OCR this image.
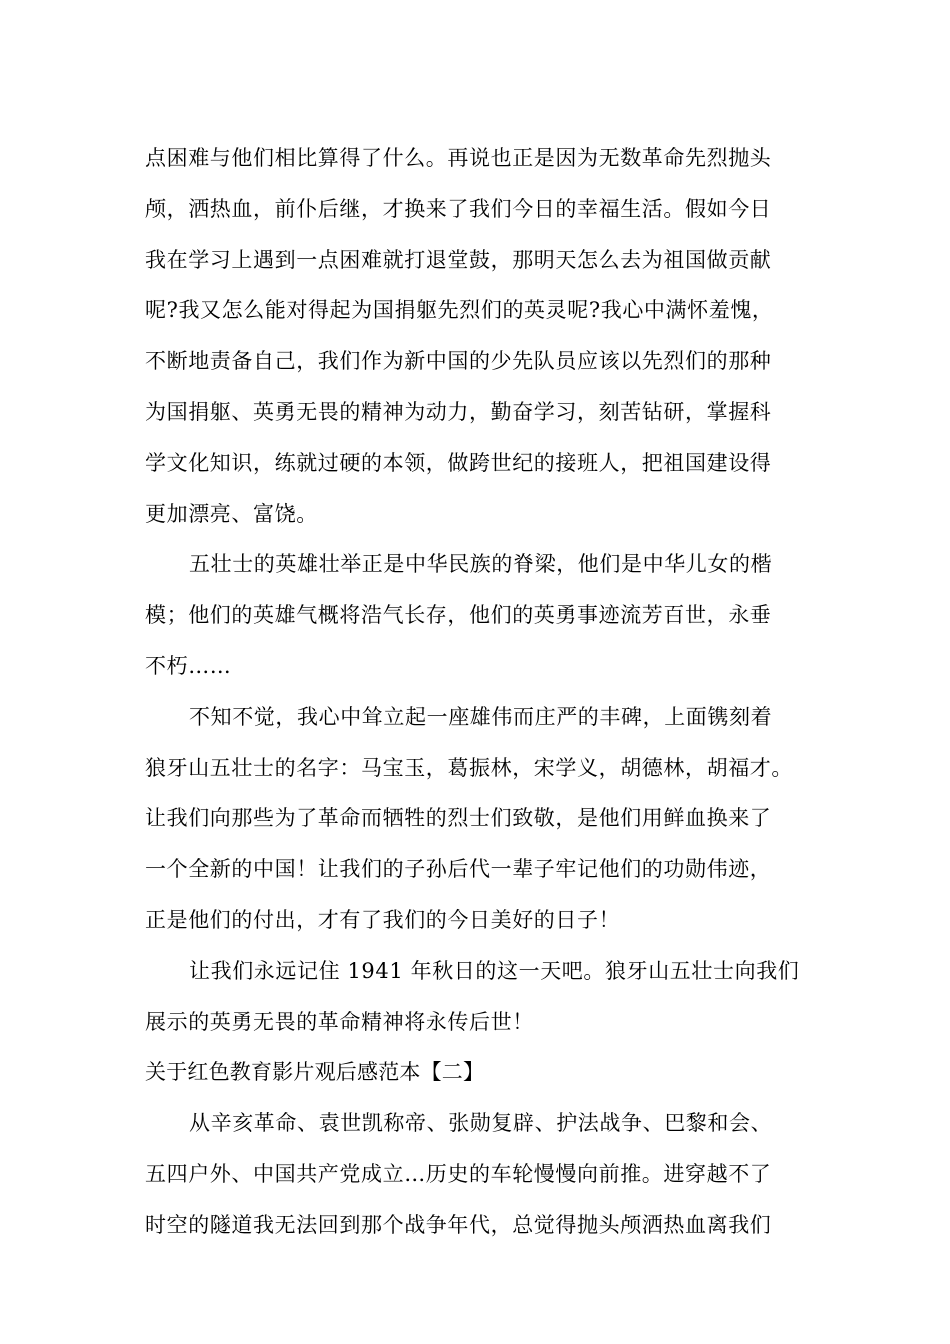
点困难与他们相比算得了什么。再说也正是因为无数革命先烈抛头
颅，洒热血，前仆后继，才换来了我们今日的幸福生活。假如今日
我在学习上遇到一点困难就打退堂鼓，那明天怎么去为祖国做贡献
呢?我又怎么能对得起为国捐躯先烈们的英灵呢?我心中满怀羞愧，
不断地责备自己，我们作为新中国的少先队员应该以先烈们的那种
为国捐躯、英勇无畏的精神为动力，勤奋学习，刻苦钻研，掌握科
学文化知识，练就过硬的本领，做跨世纪的接班人，把祖国建设得
更加漂亮、富饶。
五壮士的英雄壮举正是中华民族的脊梁，他们是中华儿女的楷
模；他们的英雄气概将浩气长存，他们的英勇事迹流芳百世，永垂
不朽……
不知不觉，我心中耸立起一座雄伟而庄严的丰碑，上面镌刻着
狼牙山五壮士的名字：马宝玉，葛振林，宋学义，胡德林，胡福才。
让我们向那些为了革命而牺牲的烈士们致敬，是他们用鲜血换来了
一个全新的中国！让我们的子孙后代一辈子牢记他们的功勋伟迹，
正是他们的付出，才有了我们的今日美好的日子！
让我们永远记住 1941 年秋日的这一天吧。狼牙山五壮士向我们
展示的英勇无畏的革命精神将永传后世！
关于红色教育影片观后感范本【二】
从辛亥革命、袁世凯称帝、张勋复辟、护法战争、巴黎和会、
五四户外、中国共产党成立…历史的车轮慢慢向前推。进穿越不了
时空的隧道我无法回到那个战争年代，总觉得抛头颅洒热血离我们
